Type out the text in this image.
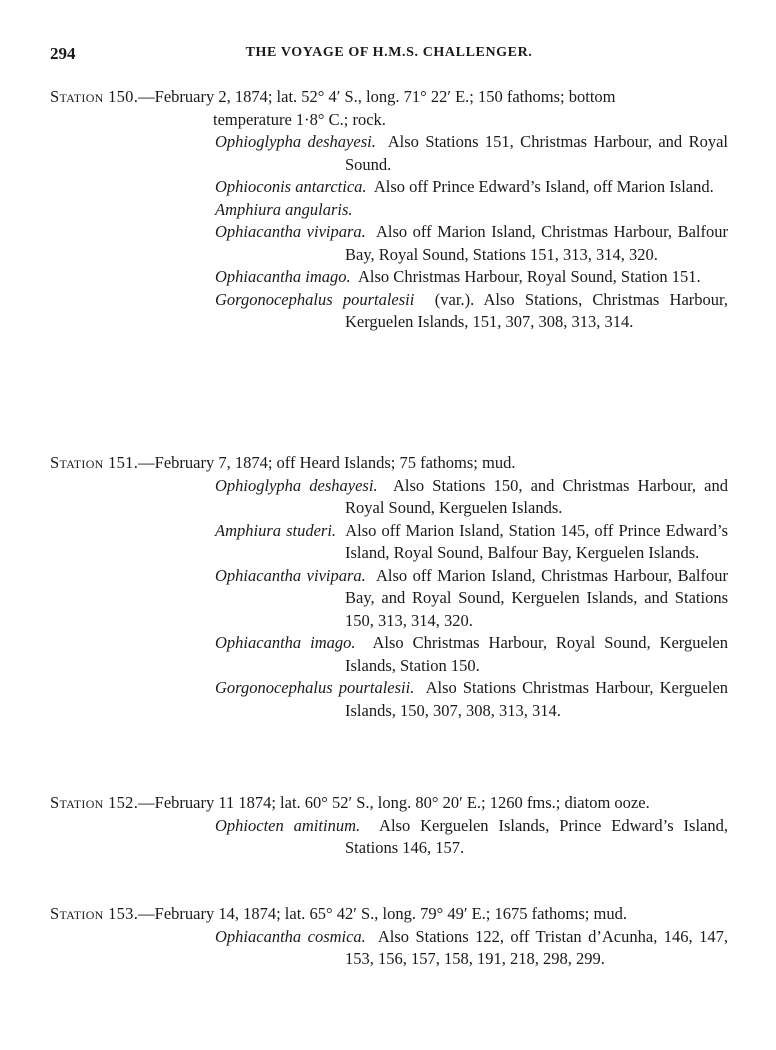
294	THE VOYAGE OF H.M.S. CHALLENGER.
Station 150.—February 2, 1874; lat. 52° 4′ S., long. 71° 22′ E.; 150 fathoms; bottom
temperature 1·8° C.; rock.
Ophioglypha deshayesi. Also Stations 151, Christmas Harbour, and Royal Sound.
Ophioconis antarctica. Also off Prince Edward’s Island, off Marion Island.
Amphiura angularis.
Ophiacantha vivipara. Also off Marion Island, Christmas Harbour, Balfour Bay, Royal Sound, Stations 151, 313, 314, 320.
Ophiacantha imago. Also Christmas Harbour, Royal Sound, Station 151.
Gorgonocephalus pourtalesii (var.). Also Stations, Christmas Harbour, Kerguelen Islands, 151, 307, 308, 313, 314.
Station 151.—February 7, 1874; off Heard Islands; 75 fathoms; mud.
Ophioglypha deshayesi. Also Stations 150, and Christmas Harbour, and Royal Sound, Kerguelen Islands.
Amphiura studeri. Also off Marion Island, Station 145, off Prince Edward’s Island, Royal Sound, Balfour Bay, Kerguelen Islands.
Ophiacantha vivipara. Also off Marion Island, Christmas Harbour, Balfour Bay, and Royal Sound, Kerguelen Islands, and Stations 150, 313, 314, 320.
Ophiacantha imago. Also Christmas Harbour, Royal Sound, Kerguelen Islands, Station 150.
Gorgonocephalus pourtalesii. Also Stations Christmas Harbour, Kerguelen Islands, 150, 307, 308, 313, 314.
Station 152.—February 11 1874; lat. 60° 52′ S., long. 80° 20′ E.; 1260 fms.; diatom ooze.
Ophiocten amitinum. Also Kerguelen Islands, Prince Edward’s Island, Stations 146, 157.
Station 153.—February 14, 1874; lat. 65° 42′ S., long. 79° 49′ E.; 1675 fathoms; mud.
Ophiacantha cosmica. Also Stations 122, off Tristan d’Acunha, 146, 147, 153, 156, 157, 158, 191, 218, 298, 299.
